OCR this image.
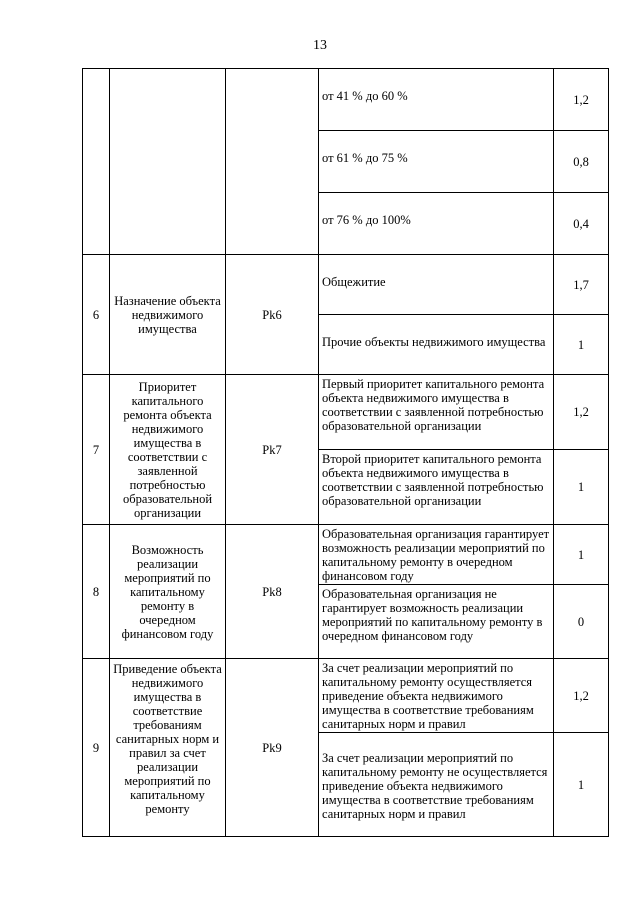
13
			от 41 % до 60 %	1,2
			от 61 % до 75 %	0,8
			от 76 % до 100%	0,4
6	Назначение объекта недвижимого имущества	Pk6	Общежитие	1,7
			Прочие объекты недвижимого имущества	1
7	Приоритет капитального ремонта объекта недвижимого имущества в соответствии с заявленной потребностью образовательной организации	Pk7	Первый приоритет капитального ремонта объекта недвижимого имущества в соответствии с заявленной потребностью образовательной организации	1,2
			Второй приоритет капитального ремонта объекта недвижимого имущества в соответствии с заявленной потребностью образовательной организации	1
8	Возможность реализации мероприятий по капитальному ремонту в очередном финансовом году	Pk8	Образовательная организация гарантирует возможность реализации мероприятий по капитальному ремонту в очередном финансовом году	1
			Образовательная организация не гарантирует возможность реализации мероприятий по капитальному ремонту в очередном финансовом году	0
9	Приведение объекта недвижимого имущества в соответствие требованиям санитарных норм и правил за счет реализации мероприятий по капитальному ремонту	Pk9	За счет реализации мероприятий по капитальному ремонту осуществляется приведение объекта недвижимого имущества в соответствие требованиям санитарных норм и правил	1,2
			За счет реализации мероприятий по капитальному ремонту не осуществляется приведение объекта недвижимого имущества в соответствие требованиям санитарных норм и правил	1
